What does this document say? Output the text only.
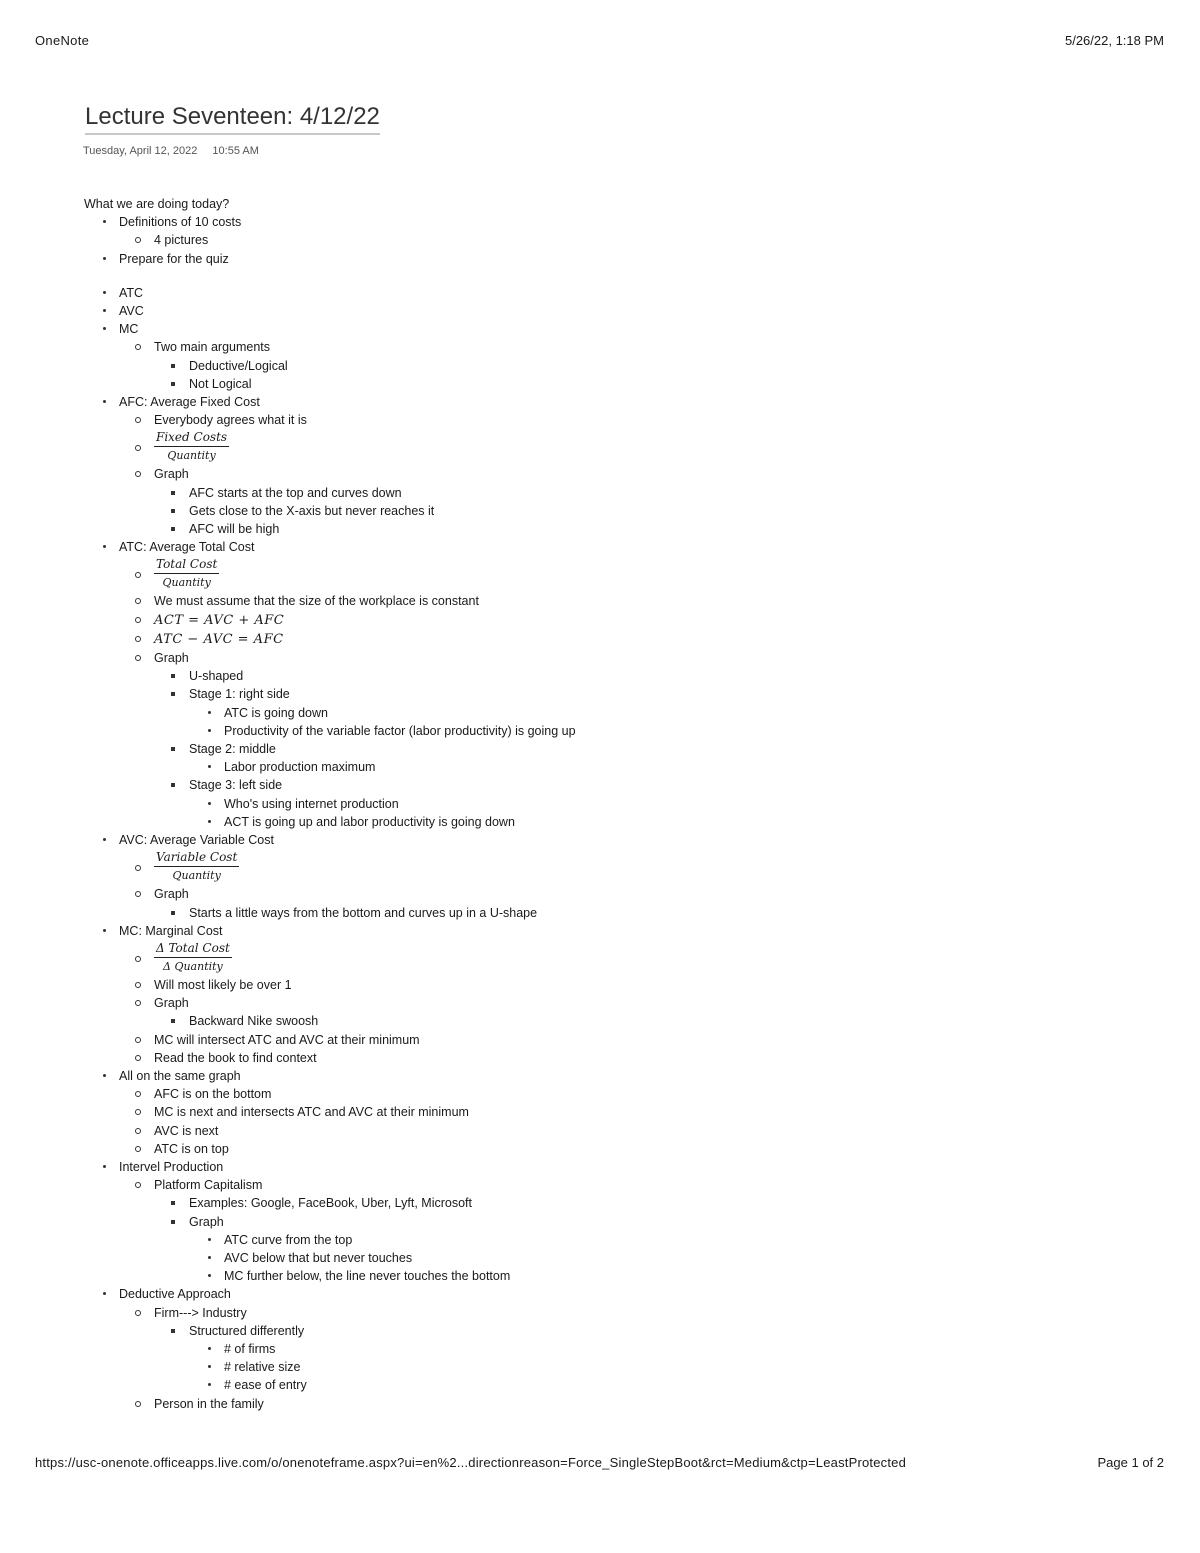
OneNote	5/26/22, 1:18 PM
Lecture Seventeen: 4/12/22
Tuesday, April 12, 2022 10:55 AM

What we are doing today?

Definitions of 10 costs
4 pictures
Prepare for the quiz
ATC
AVC
MC
Two main arguments
Deductive/Logical
Not Logical
AFC: Average Fixed Cost
Everybody agrees what it is
$\frac{\text{Fixed Costs}}{\text{Quantity}}$
Graph
AFC starts at the top and curves down
Gets close to the X-axis but never reaches it
AFC will be high
ATC: Average Total Cost
$\frac{\text{Total Cost}}{\text{Quantity}}$
We must assume that the size of the workplace is constant
ACT = AVC + AFC
ATC − AVC = AFC
Graph
U-shaped
Stage 1: right side
ATC is going down
Productivity of the variable factor (labor productivity) is going up
Stage 2: middle
Labor production maximum
Stage 3: left side
Who's using internet production
ACT is going up and labor productivity is going down
AVC: Average Variable Cost
$\frac{\text{Variable Cost}}{\text{Quantity}}$
Graph
Starts a little ways from the bottom and curves up in a U-shape
MC: Marginal Cost
$\frac{\text{Δ Total Cost}}{\text{Δ Quantity}}$
Will most likely be over 1
Graph
Backward Nike swoosh
MC will intersect ATC and AVC at their minimum
Read the book to find context
All on the same graph
AFC is on the bottom
MC is next and intersects ATC and AVC at their minimum
AVC is next
ATC is on top
Intervel Production
Platform Capitalism
Examples: Google, FaceBook, Uber, Lyft, Microsoft
Graph
ATC curve from the top
AVC below that but never touches
MC further below, the line never touches the bottom
Deductive Approach
Firm---> Industry
Structured differently
# of firms
# relative size
# ease of entry
Person in the family
https://usc-onenote.officeapps.live.com/o/onenoteframe.aspx?ui=en%2...directionreason=Force_SingleStepBoot&rct=Medium&ctp=LeastProtected	Page 1 of 2
